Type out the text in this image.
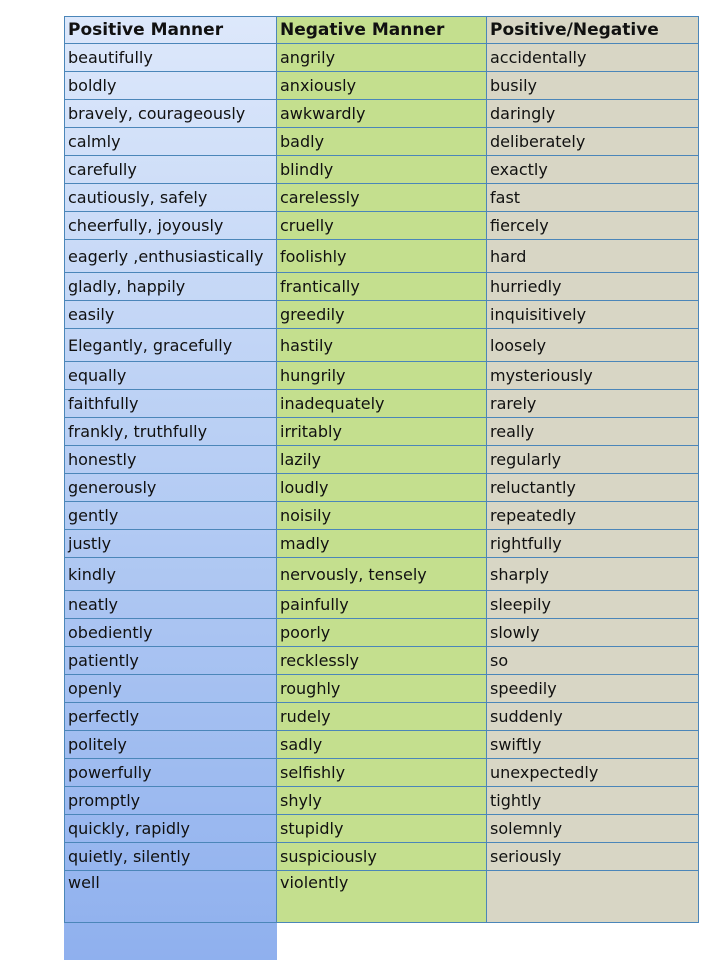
Positive Manner	Negative Manner	Positive/Negative
beautifully	angrily	accidentally
boldly	anxiously	busily
bravely, courageously	awkwardly	daringly
calmly	badly	deliberately
carefully	blindly	exactly
cautiously, safely	carelessly	fast
cheerfully, joyously	cruelly	fiercely
eagerly ,enthusiastically	foolishly	hard
gladly, happily	frantically	hurriedly
easily	greedily	inquisitively
Elegantly, gracefully	hastily	loosely
equally	hungrily	mysteriously
faithfully	inadequately	rarely
frankly, truthfully	irritably	really
honestly	lazily	regularly
generously	loudly	reluctantly
gently	noisily	repeatedly
justly	madly	rightfully
kindly	nervously, tensely	sharply
neatly	painfully	sleepily
obediently	poorly	slowly
patiently	recklessly	so
openly	roughly	speedily
perfectly	rudely	suddenly
politely	sadly	swiftly
powerfully	selfishly	unexpectedly
promptly	shyly	tightly
quickly, rapidly	stupidly	solemnly
quietly, silently	suspiciously	seriously
well	violently	
